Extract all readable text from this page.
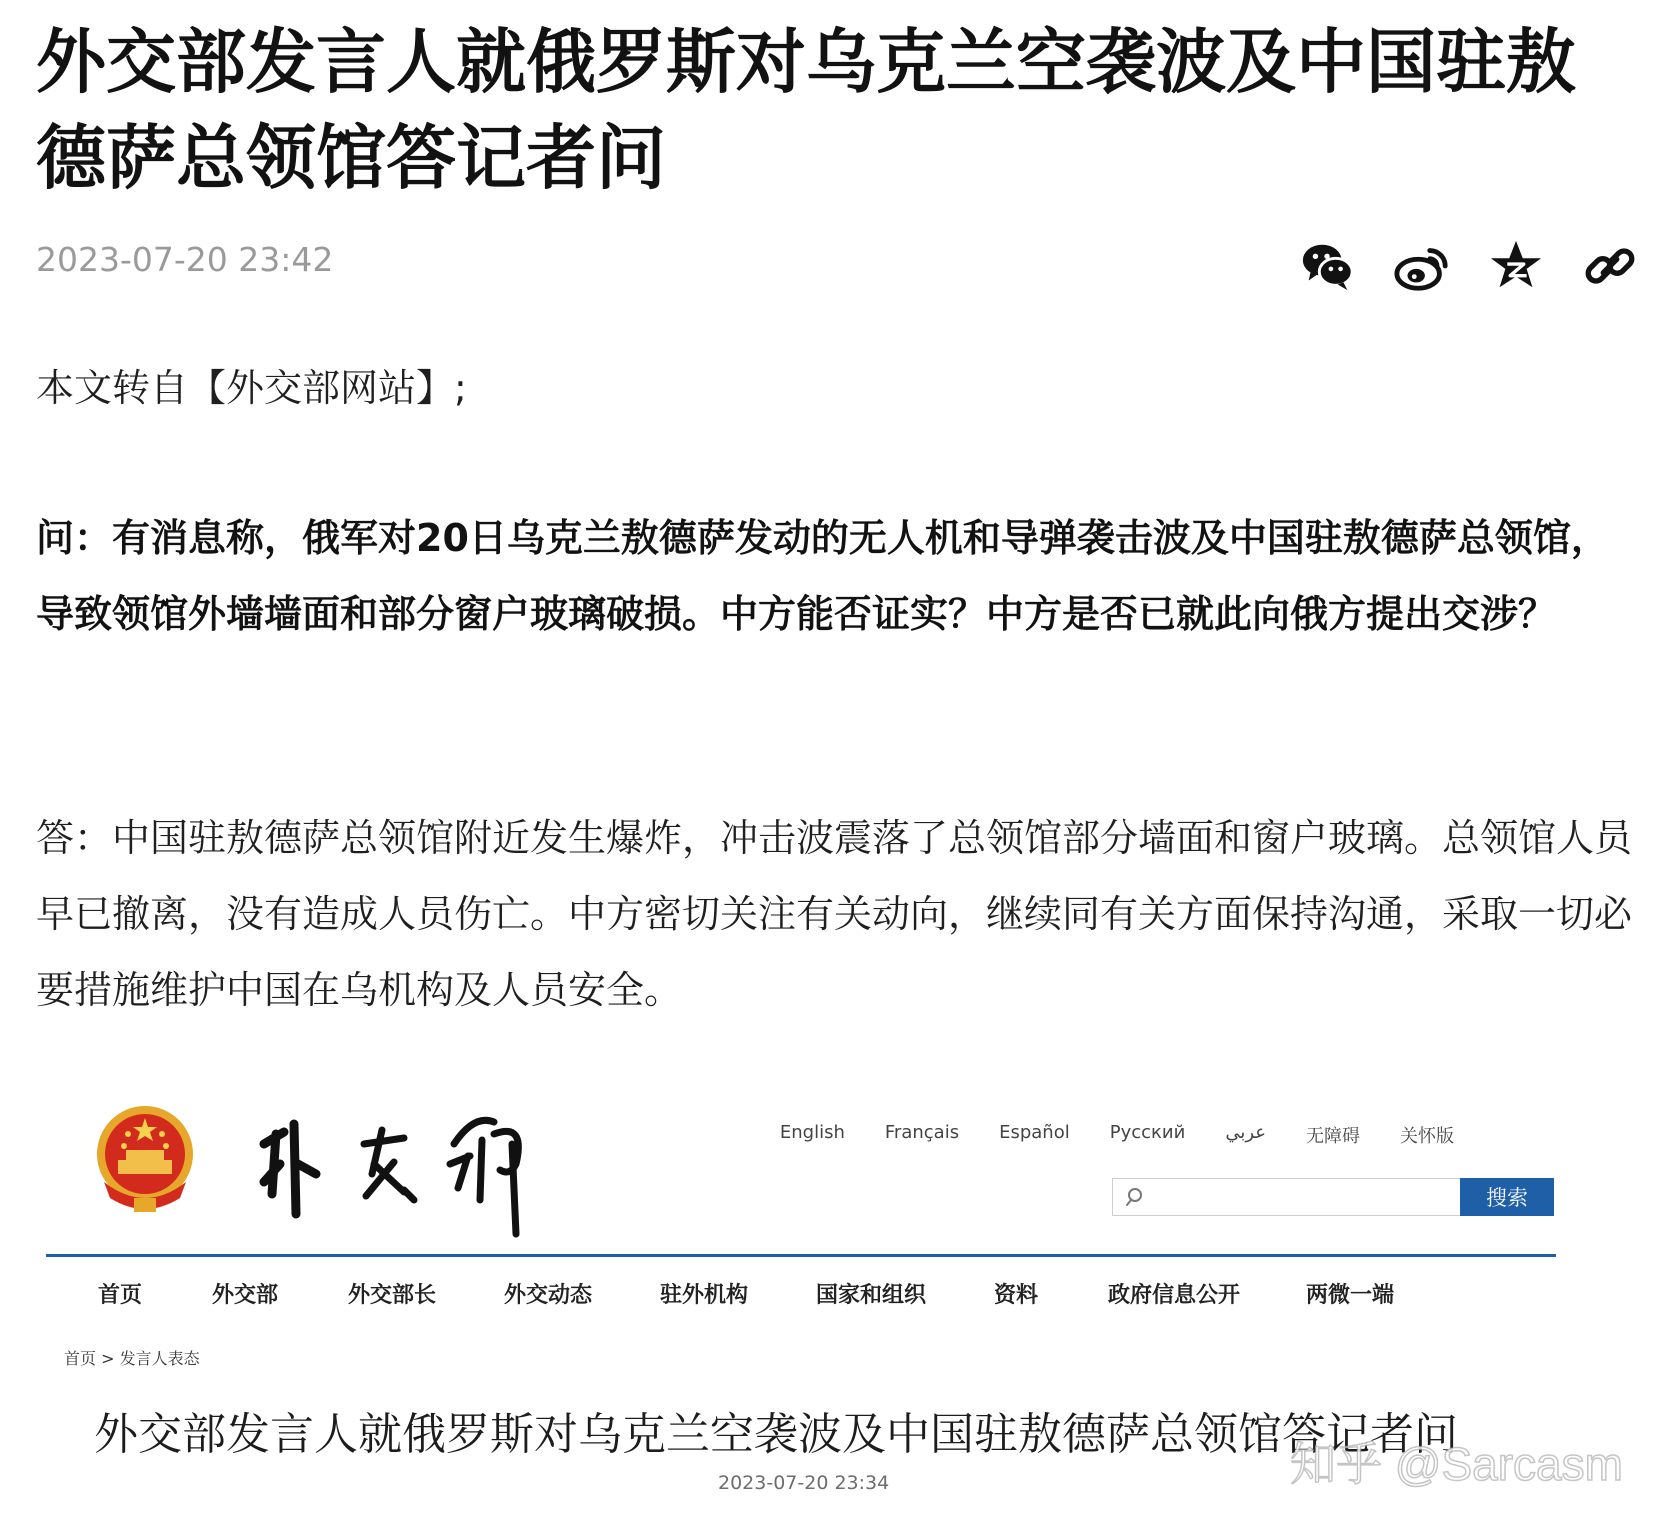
外交部发言人就俄罗斯对乌克兰空袭波及中国驻敖德萨总领馆答记者问
2023-07-20 23:42

本文转自【外交部网站】;

问：有消息称，俄军对20日乌克兰敖德萨发动的无人机和导弹袭击波及中国驻敖德萨总领馆，导致领馆外墙墙面和部分窗户玻璃破损。中方能否证实？中方是否已就此向俄方提出交涉？

答：中国驻敖德萨总领馆附近发生爆炸，冲击波震落了总领馆部分墙面和窗户玻璃。总领馆人员早已撤离，没有造成人员伤亡。中方密切关注有关动向，继续同有关方面保持沟通，采取一切必要措施维护中国在乌机构及人员安全。

English Français Español Русский عربي 无障碍 关怀版
搜索
首页	外交部	外交部长	外交动态	驻外机构	国家和组织	资料	政府信息公开	两微一端
首页 > 发言人表态
外交部发言人就俄罗斯对乌克兰空袭波及中国驻敖德萨总领馆答记者问
2023-07-20 23:34	知乎 @Sarcasm
